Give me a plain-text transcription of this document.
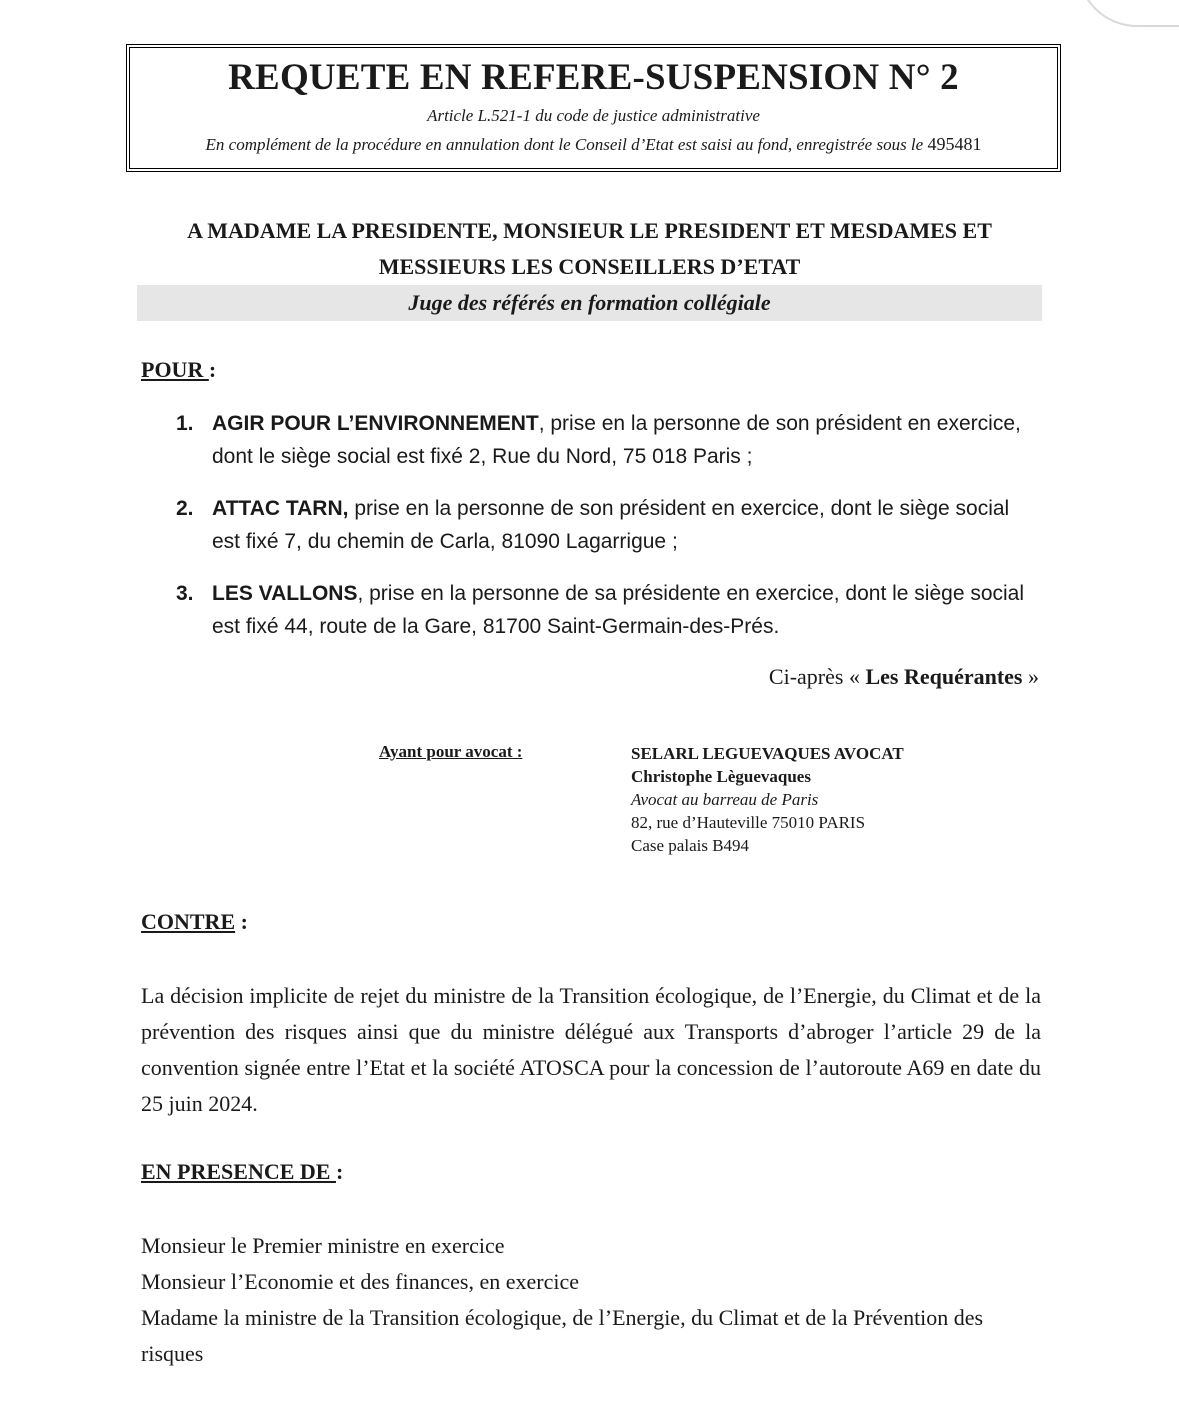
REQUETE EN REFERE-SUSPENSION N° 2
Article L.521-1 du code de justice administrative
En complément de la procédure en annulation dont le Conseil d’Etat est saisi au fond, enregistrée sous le 495481
A MADAME LA PRESIDENTE, MONSIEUR LE PRESIDENT ET MESDAMES ET
MESSIEURS LES CONSEILLERS D’ETAT
Juge des référés en formation collégiale
POUR :
1. AGIR POUR L’ENVIRONNEMENT, prise en la personne de son président en exercice, dont le siège social est fixé 2, Rue du Nord, 75 018 Paris ;
2. ATTAC TARN, prise en la personne de son président en exercice, dont le siège social est fixé 7, du chemin de Carla, 81090 Lagarrigue ;
3. LES VALLONS, prise en la personne de sa présidente en exercice, dont le siège social est fixé 44, route de la Gare, 81700 Saint-Germain-des-Prés.
Ci-après « Les Requérantes »
Ayant pour avocat :	SELARL LEGUEVAQUES AVOCAT
Christophe Lèguevaques
Avocat au barreau de Paris
82, rue d’Hauteville 75010 PARIS
Case palais B494
CONTRE :
La décision implicite de rejet du ministre de la Transition écologique, de l’Energie, du Climat et de la prévention des risques ainsi que du ministre délégué aux Transports d’abroger l’article 29 de la convention signée entre l’Etat et la société ATOSCA pour la concession de l’autoroute A69 en date du 25 juin 2024.
EN PRESENCE DE :
Monsieur le Premier ministre en exercice
Monsieur l’Economie et des finances, en exercice
Madame la ministre de la Transition écologique, de l’Energie, du Climat et de la Prévention des risques
